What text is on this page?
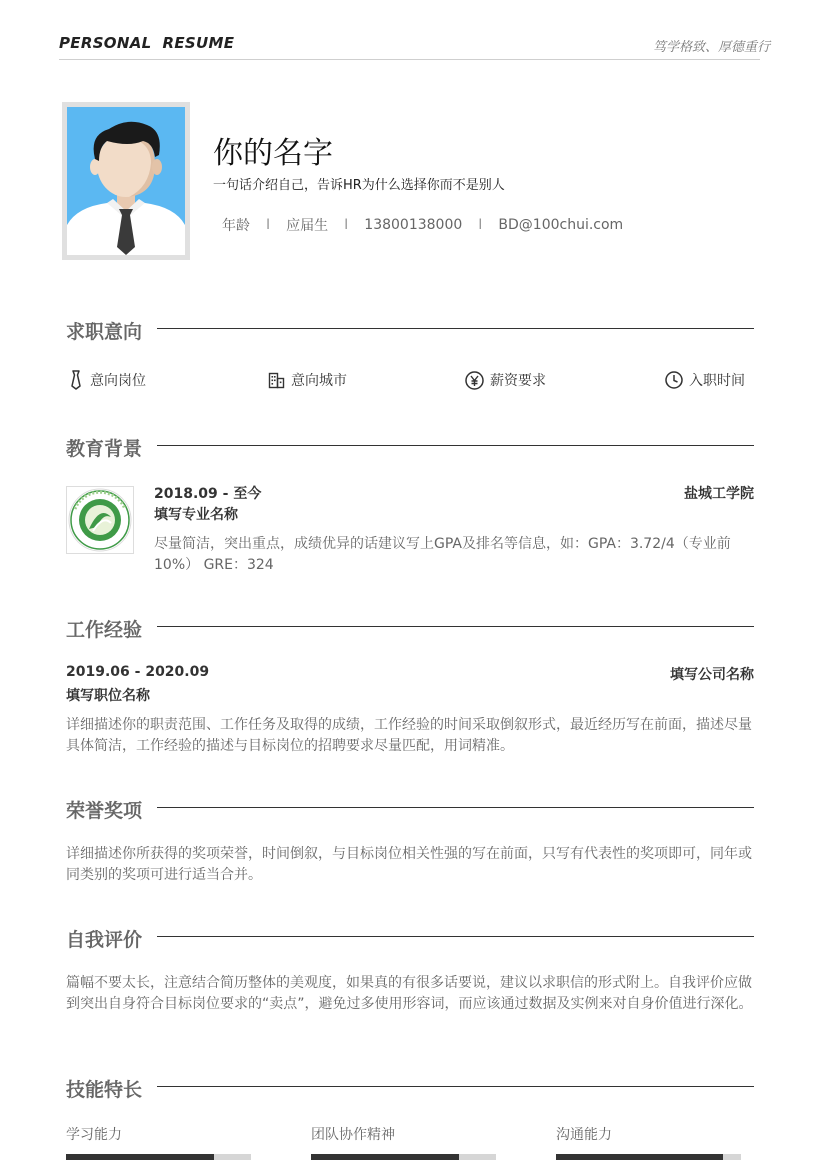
PERSONAL  RESUME	笃学格致、厚德重行
你的名字
一句话介绍自己，告诉HR为什么选择你而不是别人
年龄 I 应届生 I 13800138000 I BD@100chui.com
求职意向
意向岗位	意向城市	薪资要求	入职时间
教育背景
2018.09 - 至今	盐城工学院
填写专业名称
尽量简洁，突出重点，成绩优异的话建议写上GPA及排名等信息，如：GPA：3.72/4（专业前10%） GRE：324
工作经验
2019.06 - 2020.09	填写公司名称
填写职位名称
详细描述你的职责范围、工作任务及取得的成绩，工作经验的时间采取倒叙形式，最近经历写在前面，描述尽量具体简洁，工作经验的描述与目标岗位的招聘要求尽量匹配，用词精准。
荣誉奖项
详细描述你所获得的奖项荣誉，时间倒叙，与目标岗位相关性强的写在前面，只写有代表性的奖项即可，同年或同类别的奖项可进行适当合并。
自我评价
篇幅不要太长，注意结合简历整体的美观度，如果真的有很多话要说，建议以求职信的形式附上。自我评价应做到突出自身符合目标岗位要求的“卖点”，避免过多使用形容词，而应该通过数据及实例来对自身价值进行深化。
技能特长
学习能力	团队协作精神	沟通能力
